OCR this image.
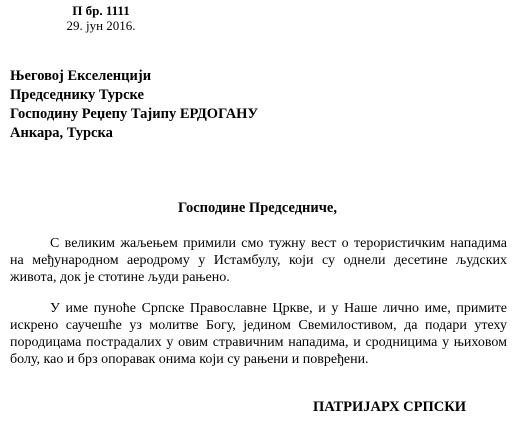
П бр. 1111
29. јун 2016.
Његовој Екселенцији
Председнику Турске
Господину Реџепу Тајипу ЕРДОГАНУ
Анкара, Турска
Господине Председниче,

С великим жаљењем примили смо тужну вест о терористичким нападима на међународном аеродрому у Истамбулу, који су однели десетине људских живота, док је стотине људи рањено.

У име пуноће Српске Православне Цркве, и у Наше лично име, примите искрено саучешће уз молитве Богу, једином Свемилостивом, да подари утеху породицама пострадалих у овим стравичним нападима, и сродницима у њиховом болу, као и брз опоравак онима који су рањени и повређени.

ПАТРИЈАРХ СРПСКИ
